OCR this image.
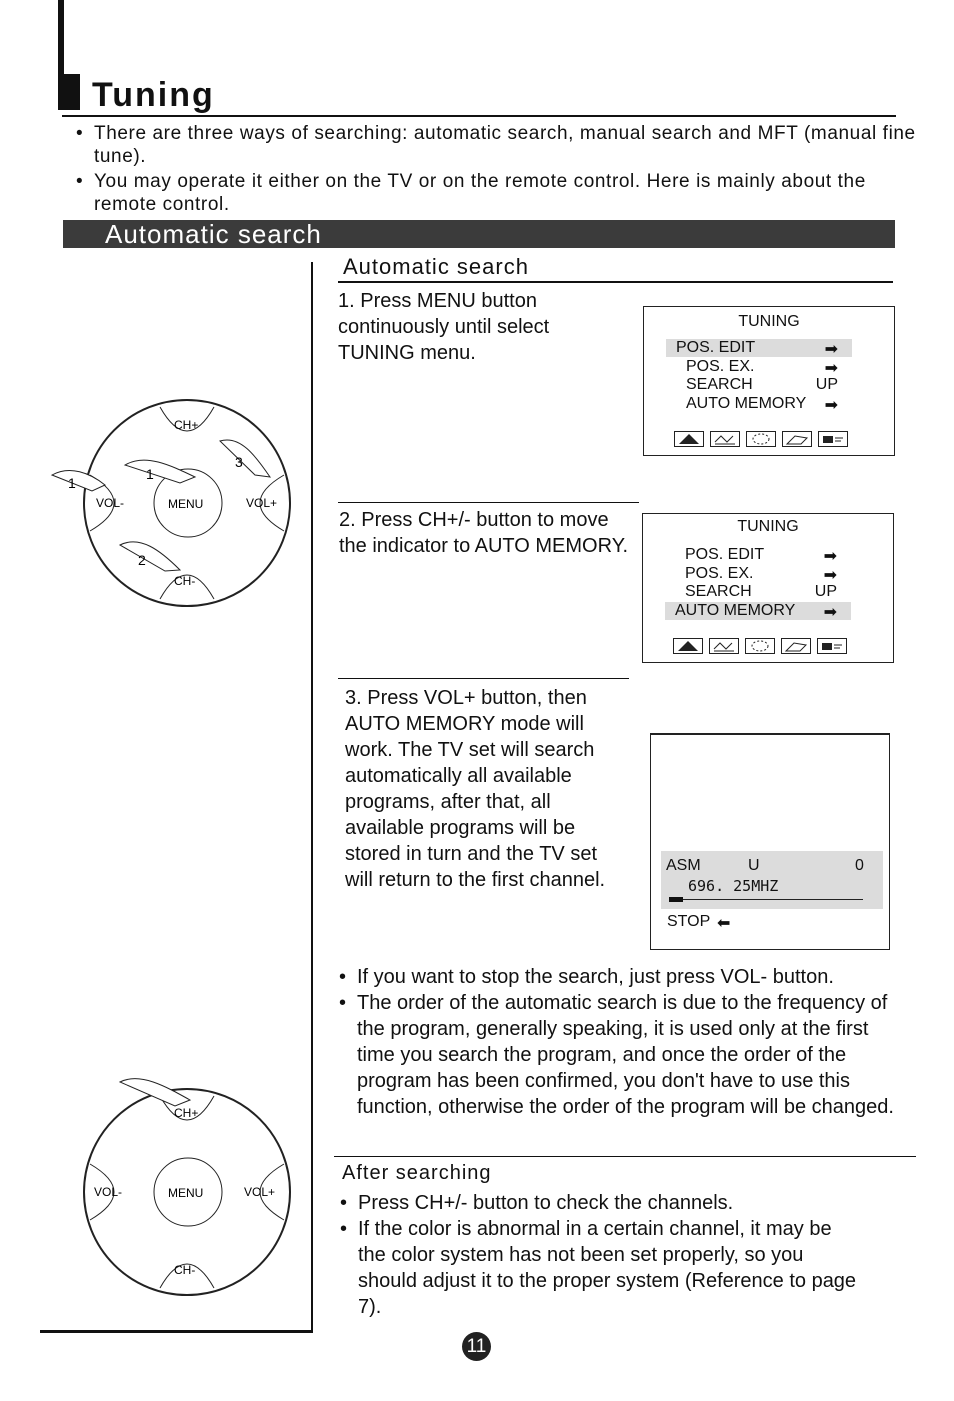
Tuning
• There are three ways of searching: automatic search, manual search and MFT (manual fine tune).
• You may operate it either on the TV or on the remote control. Here is mainly about the remote control.
Automatic search
Automatic search
1. Press MENU button continuously until select TUNING menu.
TUNING
POS. EDIT	➡
POS. EX.	➡
SEARCH	UP
AUTO MEMORY ➡
2. Press CH+/- button to move the indicator to AUTO MEMORY.
TUNING
POS. EDIT	➡
POS. EX.	➡
SEARCH	UP
AUTO MEMORY ➡
3. Press VOL+ button, then AUTO MEMORY mode will work. The TV set will search automatically all available programs, after that, all available programs will be stored in turn and the TV set will return to the first channel.
ASM	U	0
696. 25MHZ
STOP ⬅
CH+
CH-
VOL-	VOL+
MENU
1
1
2
3
• If you want to stop the search, just press VOL- button.
• The order of the automatic search is due to the frequency of the program, generally speaking, it is used only at the first time you search the program, and once the order of the program has been confirmed, you don't have to use this function, otherwise the order of the program will be changed.
CH+
CH-
VOL-	VOL+
MENU
After searching
• Press CH+/- button to check the channels.
• If the color is abnormal in a certain channel, it may be the color system has not been set properly, so you should adjust it to the proper system (Reference to page 7).
11
